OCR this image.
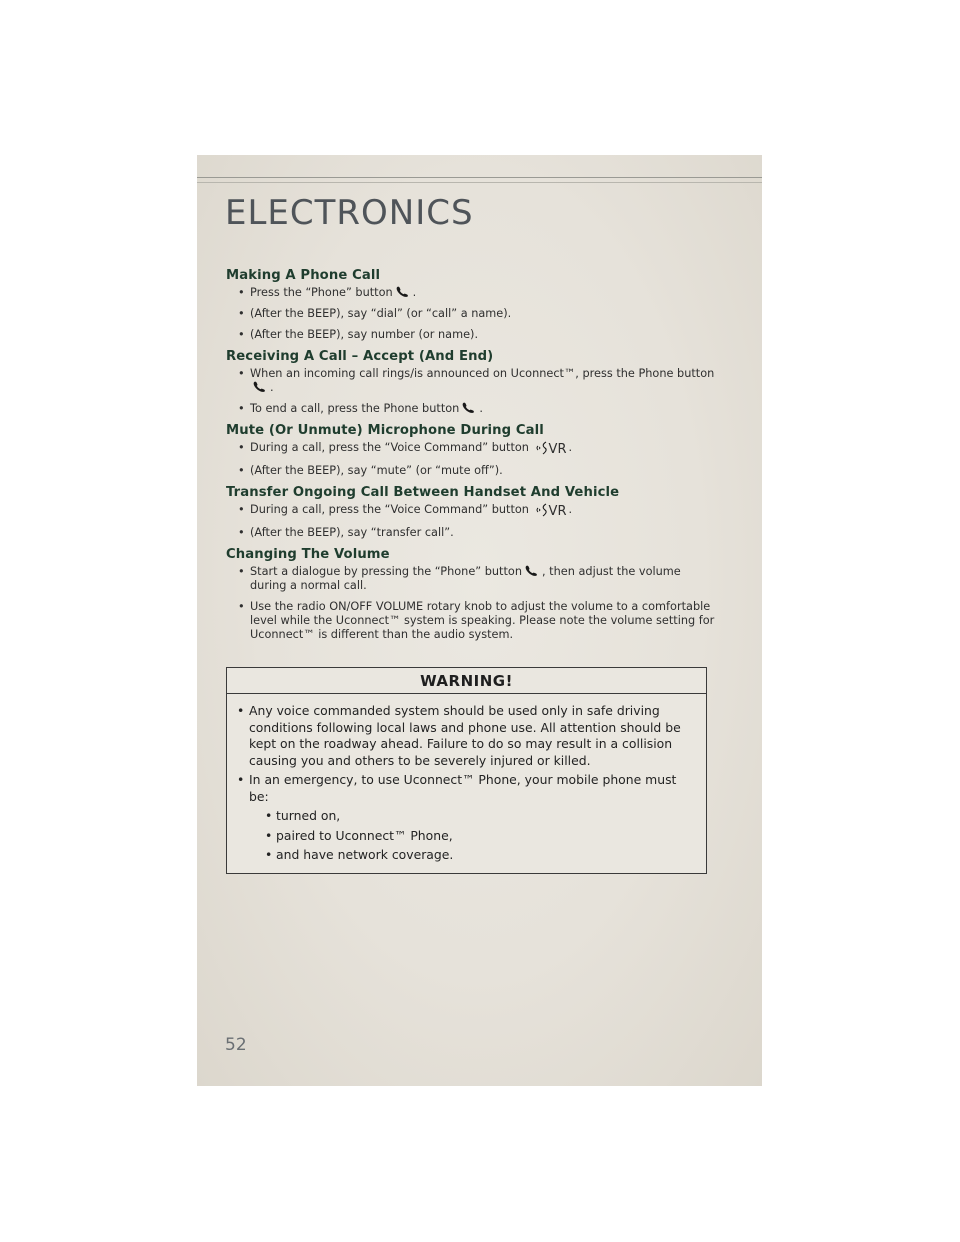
ELECTRONICS
Making A Phone Call
• Press the “Phone” button .
• (After the BEEP), say “dial” (or “call” a name).
• (After the BEEP), say number (or name).
Receiving A Call – Accept (And End)
• When an incoming call rings/is announced on Uconnect™, press the Phone button.
• To end a call, press the Phone button .
Mute (Or Unmute) Microphone During Call
• During a call, press the “Voice Command” button VR .
• (After the BEEP), say “mute” (or “mute off”).
Transfer Ongoing Call Between Handset And Vehicle
• During a call, press the “Voice Command” button VR .
• (After the BEEP), say “transfer call”.
Changing The Volume
• Start a dialogue by pressing the “Phone” button , then adjust the volume during a normal call.
• Use the radio ON/OFF VOLUME rotary knob to adjust the volume to a comfortable level while the Uconnect™ system is speaking. Please note the volume setting for Uconnect™ is different than the audio system.
WARNING!
• Any voice commanded system should be used only in safe driving conditions following local laws and phone use. All attention should be kept on the roadway ahead. Failure to do so may result in a collision causing you and others to be severely injured or killed.
• In an emergency, to use Uconnect™ Phone, your mobile phone must be:
• turned on,
• paired to Uconnect™ Phone,
• and have network coverage.
52
